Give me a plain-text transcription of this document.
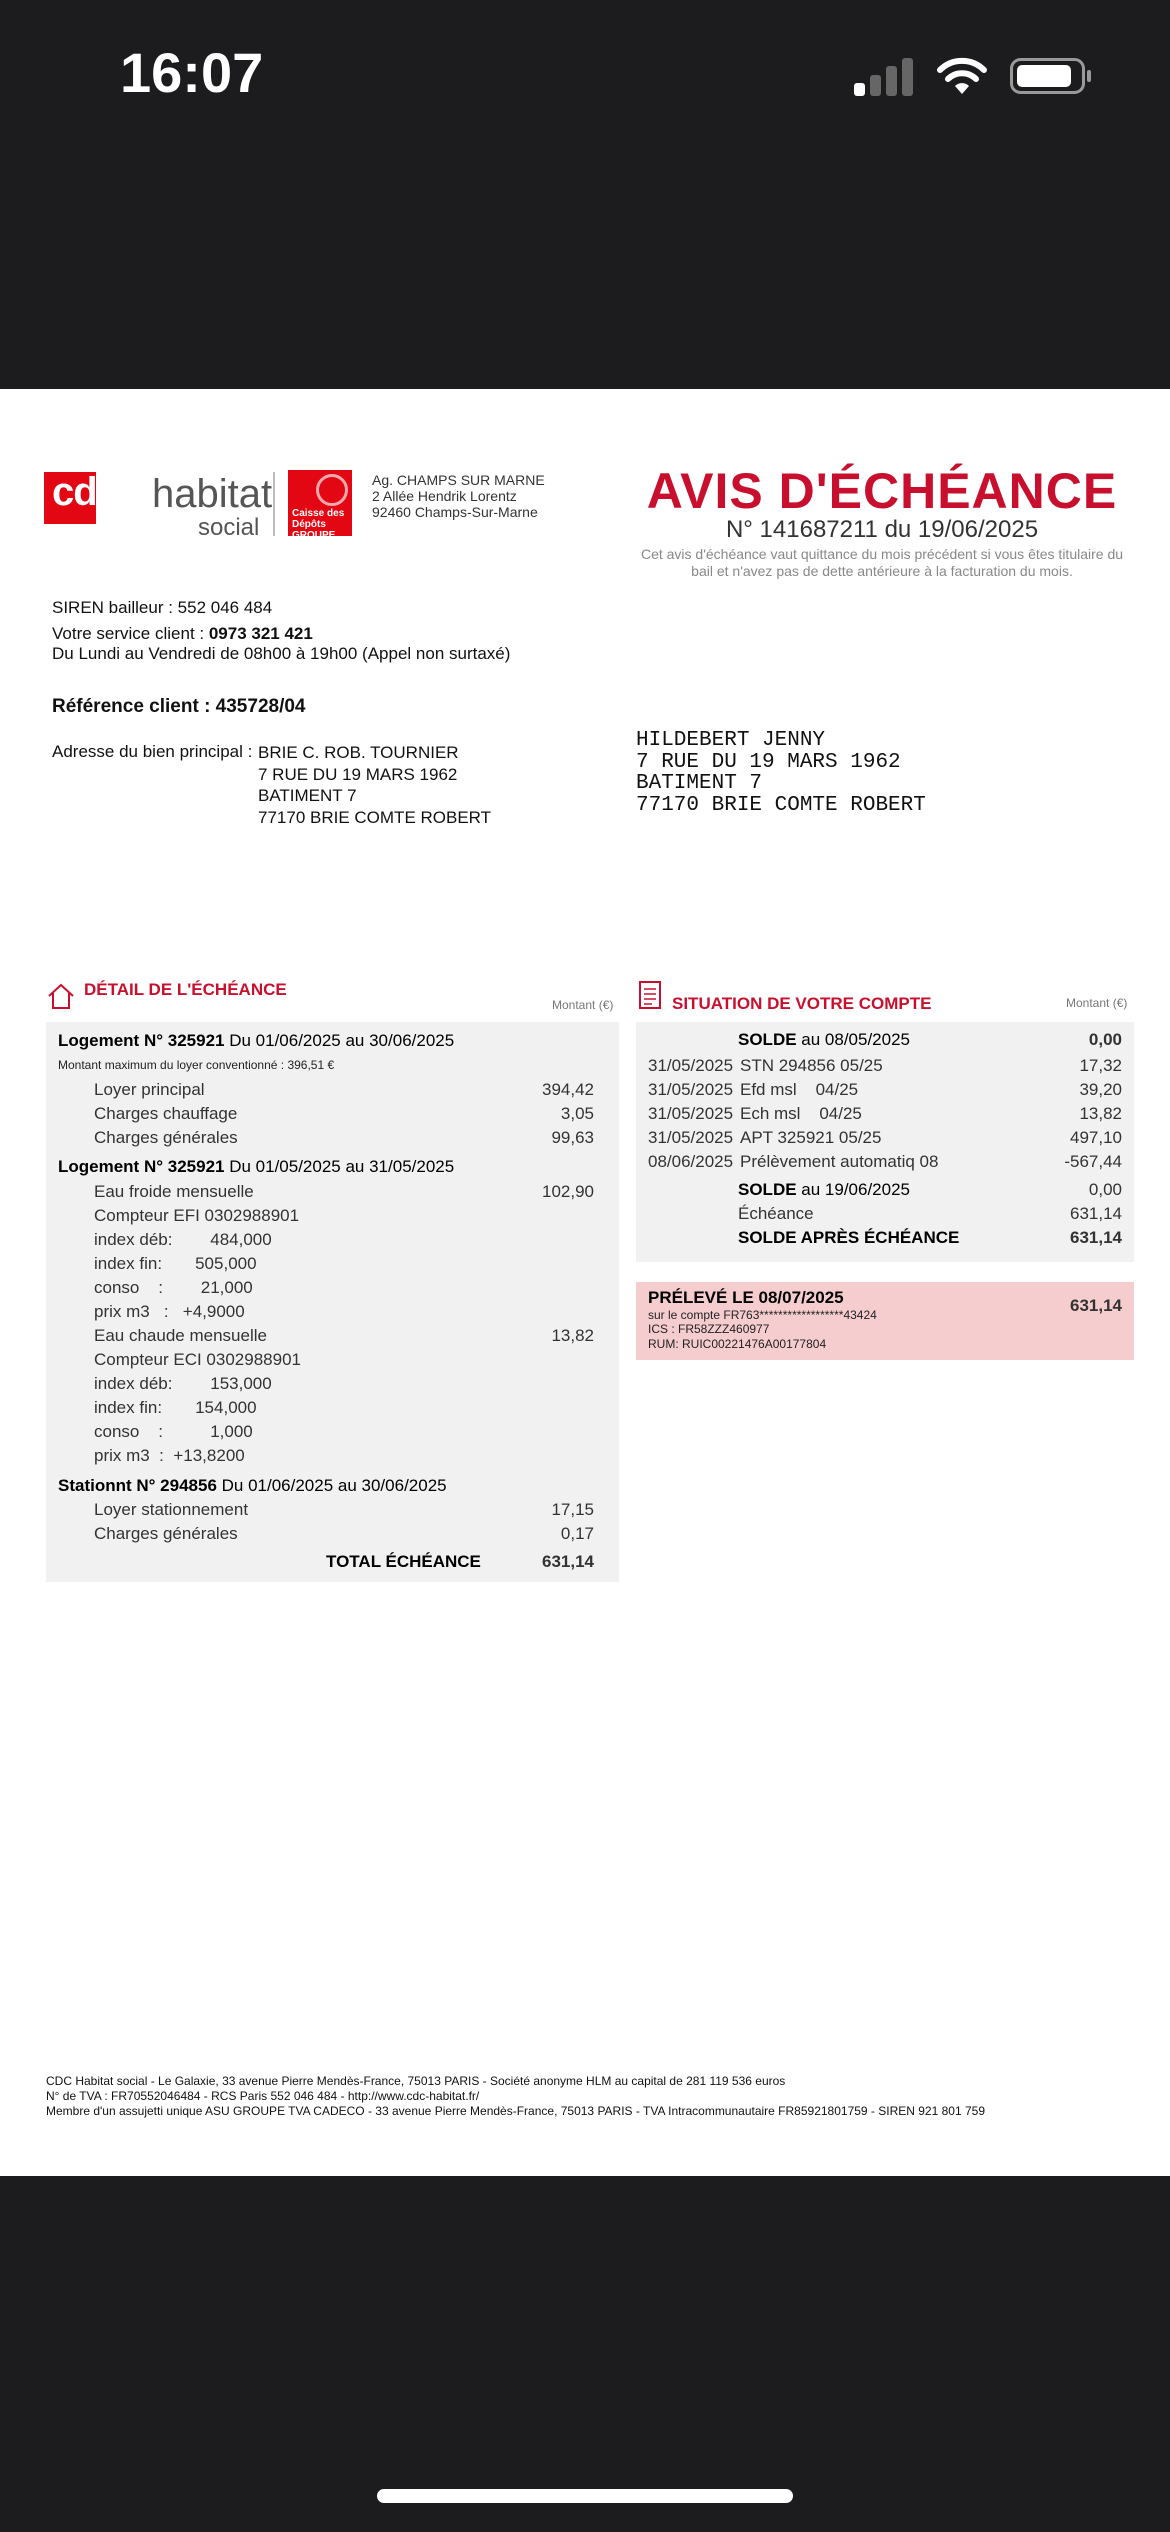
16:07
cdc habitat
social
Caisse des Dépôts GROUPE
Ag. CHAMPS SUR MARNE
2 Allée Hendrik Lorentz
92460 Champs-Sur-Marne	AVIS D'ÉCHÉANCE
N° 141687211 du 19/06/2025
Cet avis d'échéance vaut quittance du mois précédent si vous êtes titulaire du
bail et n'avez pas de dette antérieure à la facturation du mois.
SIREN bailleur : 552 046 484
Votre service client : 0973 321 421
Du Lundi au Vendredi de 08h00 à 19h00 (Appel non surtaxé)
Référence client : 435728/04
Adresse du bien principal : BRIE C. ROB. TOURNIER
7 RUE DU 19 MARS 1962
BATIMENT 7
77170 BRIE COMTE ROBERT
HILDEBERT JENNY
7 RUE DU 19 MARS 1962
BATIMENT 7
77170 BRIE COMTE ROBERT
DÉTAIL DE L'ÉCHÉANCE
Montant (€)
Logement N° 325921 Du 01/06/2025 au 30/06/2025
Montant maximum du loyer conventionné : 396,51 €
Loyer principal	394,42
Charges chauffage	3,05
Charges générales	99,63
Logement N° 325921 Du 01/05/2025 au 31/05/2025
Eau froide mensuelle	102,90
Compteur EFI 0302988901
index déb:        484,000
index fin:       505,000
conso    :        21,000
prix m3   :   +4,9000
Eau chaude mensuelle	13,82
Compteur ECI 0302988901
index déb:        153,000
index fin:       154,000
conso    :          1,000
prix m3  :  +13,8200
Stationnt N° 294856 Du 01/06/2025 au 30/06/2025
Loyer stationnement	17,15
Charges générales	0,17
TOTAL ÉCHÉANCE	631,14
SITUATION DE VOTRE COMPTE	Montant (€)
SOLDE au 08/05/2025	0,00
31/05/2025 STN 294856 05/25	17,32
31/05/2025 Efd msl    04/25	39,20
31/05/2025 Ech msl    04/25	13,82
31/05/2025 APT 325921 05/25	497,10
08/06/2025 Prélèvement automatiq 08	-567,44
SOLDE au 19/06/2025	0,00
Échéance	631,14
SOLDE APRÈS ÉCHÉANCE	631,14
PRÉLEVÉ LE 08/07/2025	631,14
sur le compte FR763******************43424
ICS : FR58ZZZ460977
RUM: RUIC00221476A00177804
CDC Habitat social - Le Galaxie, 33 avenue Pierre Mendès-France, 75013 PARIS - Société anonyme HLM au capital de 281 119 536 euros
N° de TVA : FR70552046484 - RCS Paris 552 046 484 - http://www.cdc-habitat.fr/
Membre d'un assujetti unique ASU GROUPE TVA CADECO - 33 avenue Pierre Mendès-France, 75013 PARIS - TVA Intracommunautaire FR85921801759 - SIREN 921 801 759
